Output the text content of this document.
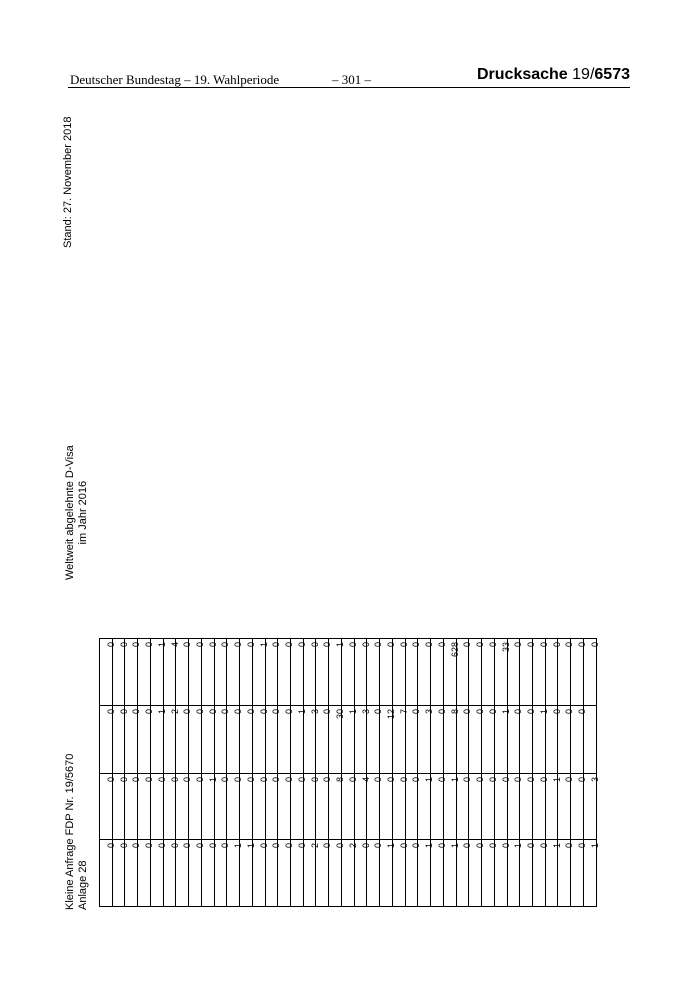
Deutscher Bundestag – 19. Wahlperiode	– 301 –	Drucksache 19/6573
Stand: 27. November 2018
Weltweit abgelehnte D-Visa im Jahr 2016
Kleine Anfrage FDP Nr. 19/5670 Anlage 28
0	0	0	0	1	4	0	0	0	0	0	0	1	0	0	0	0	0	1	0	0	0	0	0	0	0	0	628	0	0	0	33	0	0	0	0	0	0	0

0	0	0	0	1	2	0	0	0	0	0	0	0	0	0	1	3	0	30	1	3	0	12	7	0	3	0	8	0	0	0	1	0	0	1	0	0	0	

0	0	0	0	0	0	0	0	1	0	0	0	0	0	0	0	0	0	8	0	4	0	0	0	0	1	0	1	0	0	0	0	0	0	0	1	0	0	3

0	0	0	0	0	0	0	0	0	0	1	1	0	0	0	0	2	0	0	2	0	0	1	0	0	1	0	1	0	0	0	0	1	0	0	1	0	0	1
